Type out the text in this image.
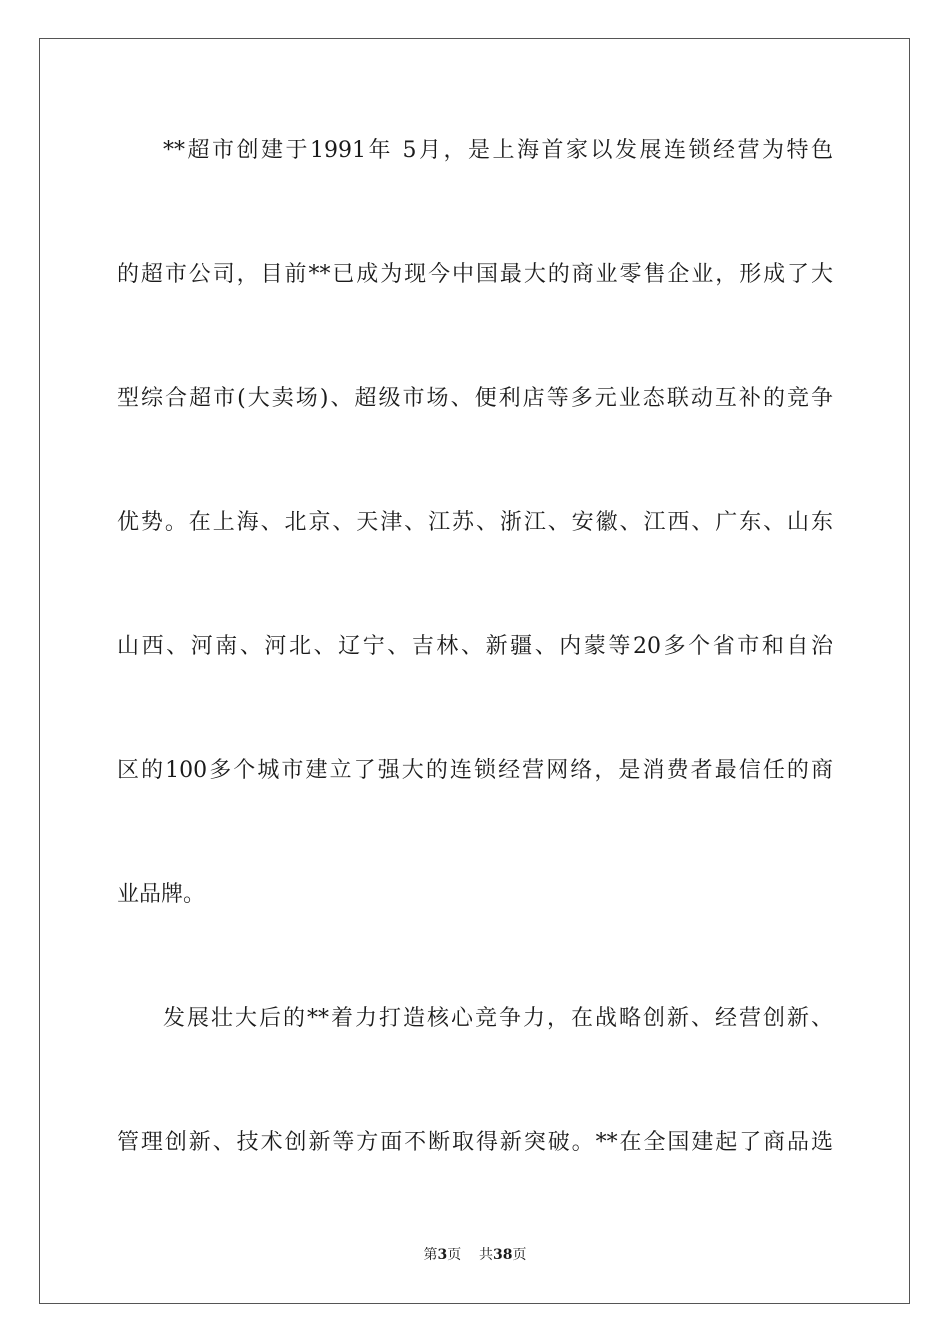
**超市创建于1991年 5月，是上海首家以发展连锁经营为特色
的超市公司，目前**已成为现今中国最大的商业零售企业，形成了大
型综合超市(大卖场)、超级市场、便利店等多元业态联动互补的竞争
优势。在上海、北京、天津、江苏、浙江、安徽、江西、广东、山东
山西、河南、河北、辽宁、吉林、新疆、内蒙等20多个省市和自治
区的100多个城市建立了强大的连锁经营网络，是消费者最信任的商
业品牌。
发展壮大后的**着力打造核心竞争力，在战略创新、经营创新、
管理创新、技术创新等方面不断取得新突破。**在全国建起了商品选
第3页 共38页
